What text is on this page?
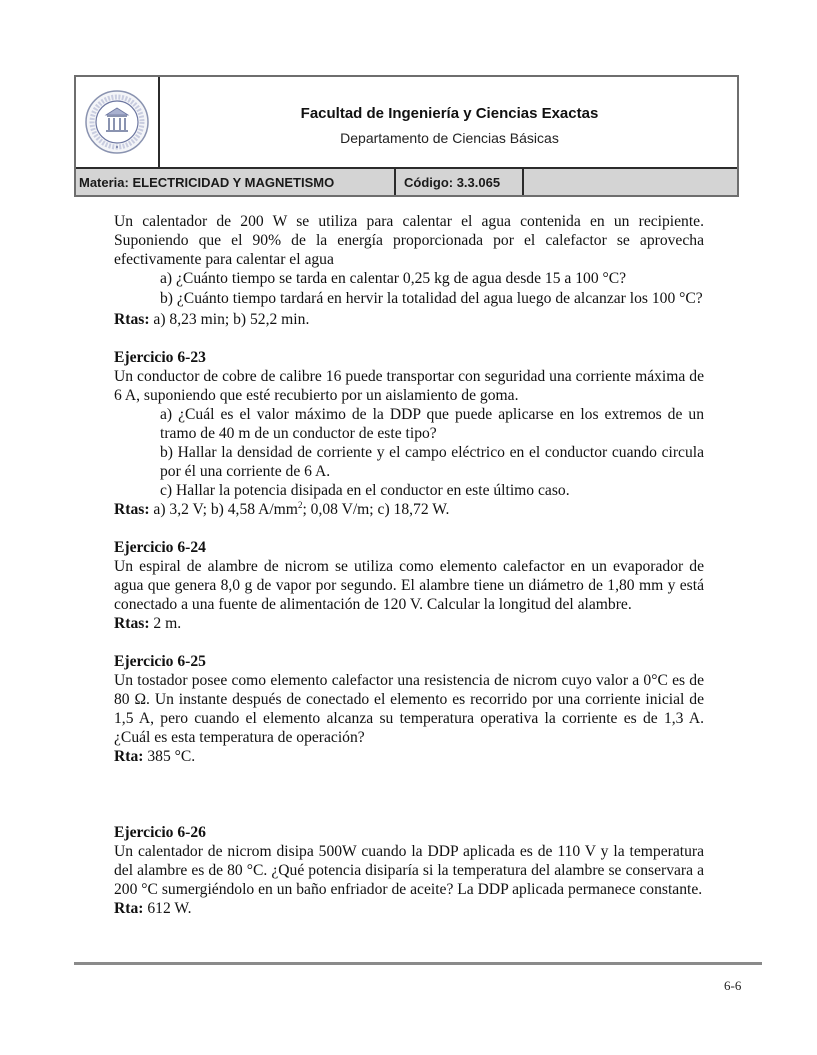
Facultad de Ingeniería y Ciencias Exactas
Departamento de Ciencias Básicas
Materia: ELECTRICIDAD Y MAGNETISMO	Código: 3.3.065

Un calentador de 200 W se utiliza para calentar el agua contenida en un recipiente. Suponiendo que el 90% de la energía proporcionada por el calefactor se aprovecha efectivamente para calentar el agua

a) ¿Cuánto tiempo se tarda en calentar 0,25 kg de agua desde 15 a 100 °C?

b) ¿Cuánto tiempo tardará en hervir la totalidad del agua luego de alcanzar los 100 °C?

Rtas: a) 8,23 min; b) 52,2 min.

Ejercicio 6-23

Un conductor de cobre de calibre 16 puede transportar con seguridad una corriente máxima de 6 A, suponiendo que esté recubierto por un aislamiento de goma.

a) ¿Cuál es el valor máximo de la DDP que puede aplicarse en los extremos de un tramo de 40 m de un conductor de este tipo?

b) Hallar la densidad de corriente y el campo eléctrico en el conductor cuando circula por él una corriente de 6 A.

c) Hallar la potencia disipada en el conductor en este último caso.

Rtas: a) 3,2 V; b) 4,58 $A/mm^2$; 0,08 V/m; c) 18,72 W.

Ejercicio 6-24

Un espiral de alambre de nicrom se utiliza como elemento calefactor en un evaporador de agua que genera 8,0 g de vapor por segundo. El alambre tiene un diámetro de 1,80 mm y está conectado a una fuente de alimentación de 120 V. Calcular la longitud del alambre.

Rtas: 2 m.

Ejercicio 6-25

Un tostador posee como elemento calefactor una resistencia de nicrom cuyo valor a 0°C es de 80 Ω. Un instante después de conectado el elemento es recorrido por una corriente inicial de 1,5 A, pero cuando el elemento alcanza su temperatura operativa la corriente es de 1,3 A. ¿Cuál es esta temperatura de operación?

Rta: 385 °C.

Ejercicio 6-26

Un calentador de nicrom disipa 500W cuando la DDP aplicada es de 110 V y la temperatura del alambre es de 80 °C. ¿Qué potencia disiparía si la temperatura del alambre se conservara a 200 °C sumergiéndolo en un baño enfriador de aceite? La DDP aplicada permanece constante.

Rta: 612 W.

6-6
